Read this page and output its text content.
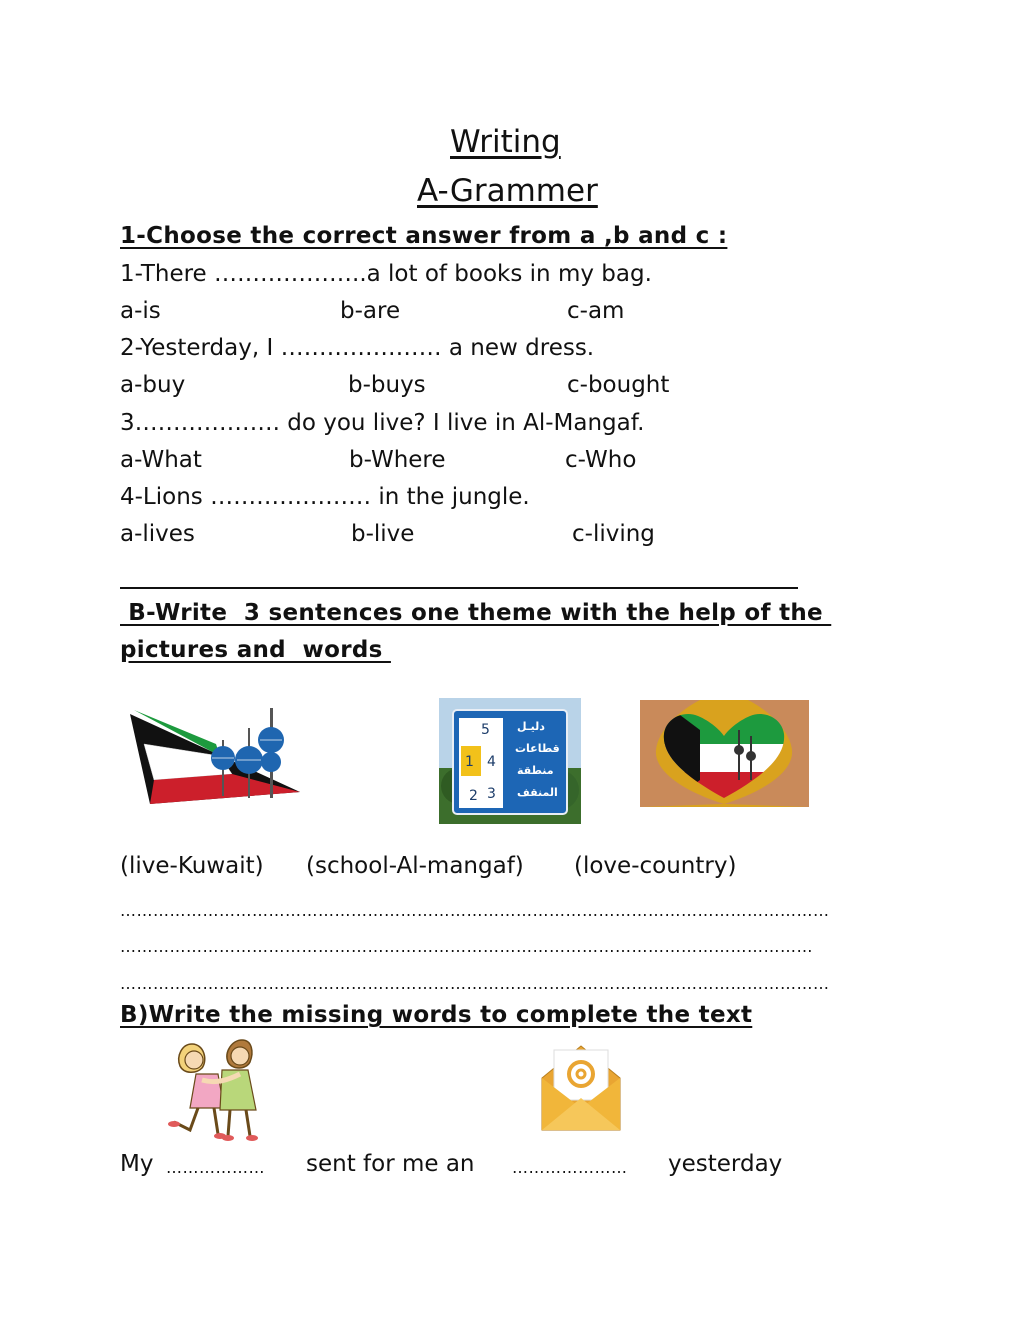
Writing
A-Grammer
1-Choose the correct answer from a ,b and c :
1-There ………………..a lot of books in my bag.
a-is	b-are	c-am
2-Yesterday, I ………………… a new dress.
a-buy	b-buys	c-bought
3………………. do you live? I live in Al-Mangaf.
a-What	b-Where	c-Who
4-Lions ………………… in the jungle.
a-lives	b-live	c-living
B-Write  3 sentences one theme with the help of the
pictures and  words
5
1 4
2 3
دليـل
قطاعات
منطقة
المنقف
(live-Kuwait) (school-Al-mangaf) (love-country)
…………………………………………………………………………………………………………………
………………………………………………………………………………………………………………
…………………………………………………………………………………………………………………
B)Write the missing words to complete the text
My ……………… sent for me an ………………… yesterday
